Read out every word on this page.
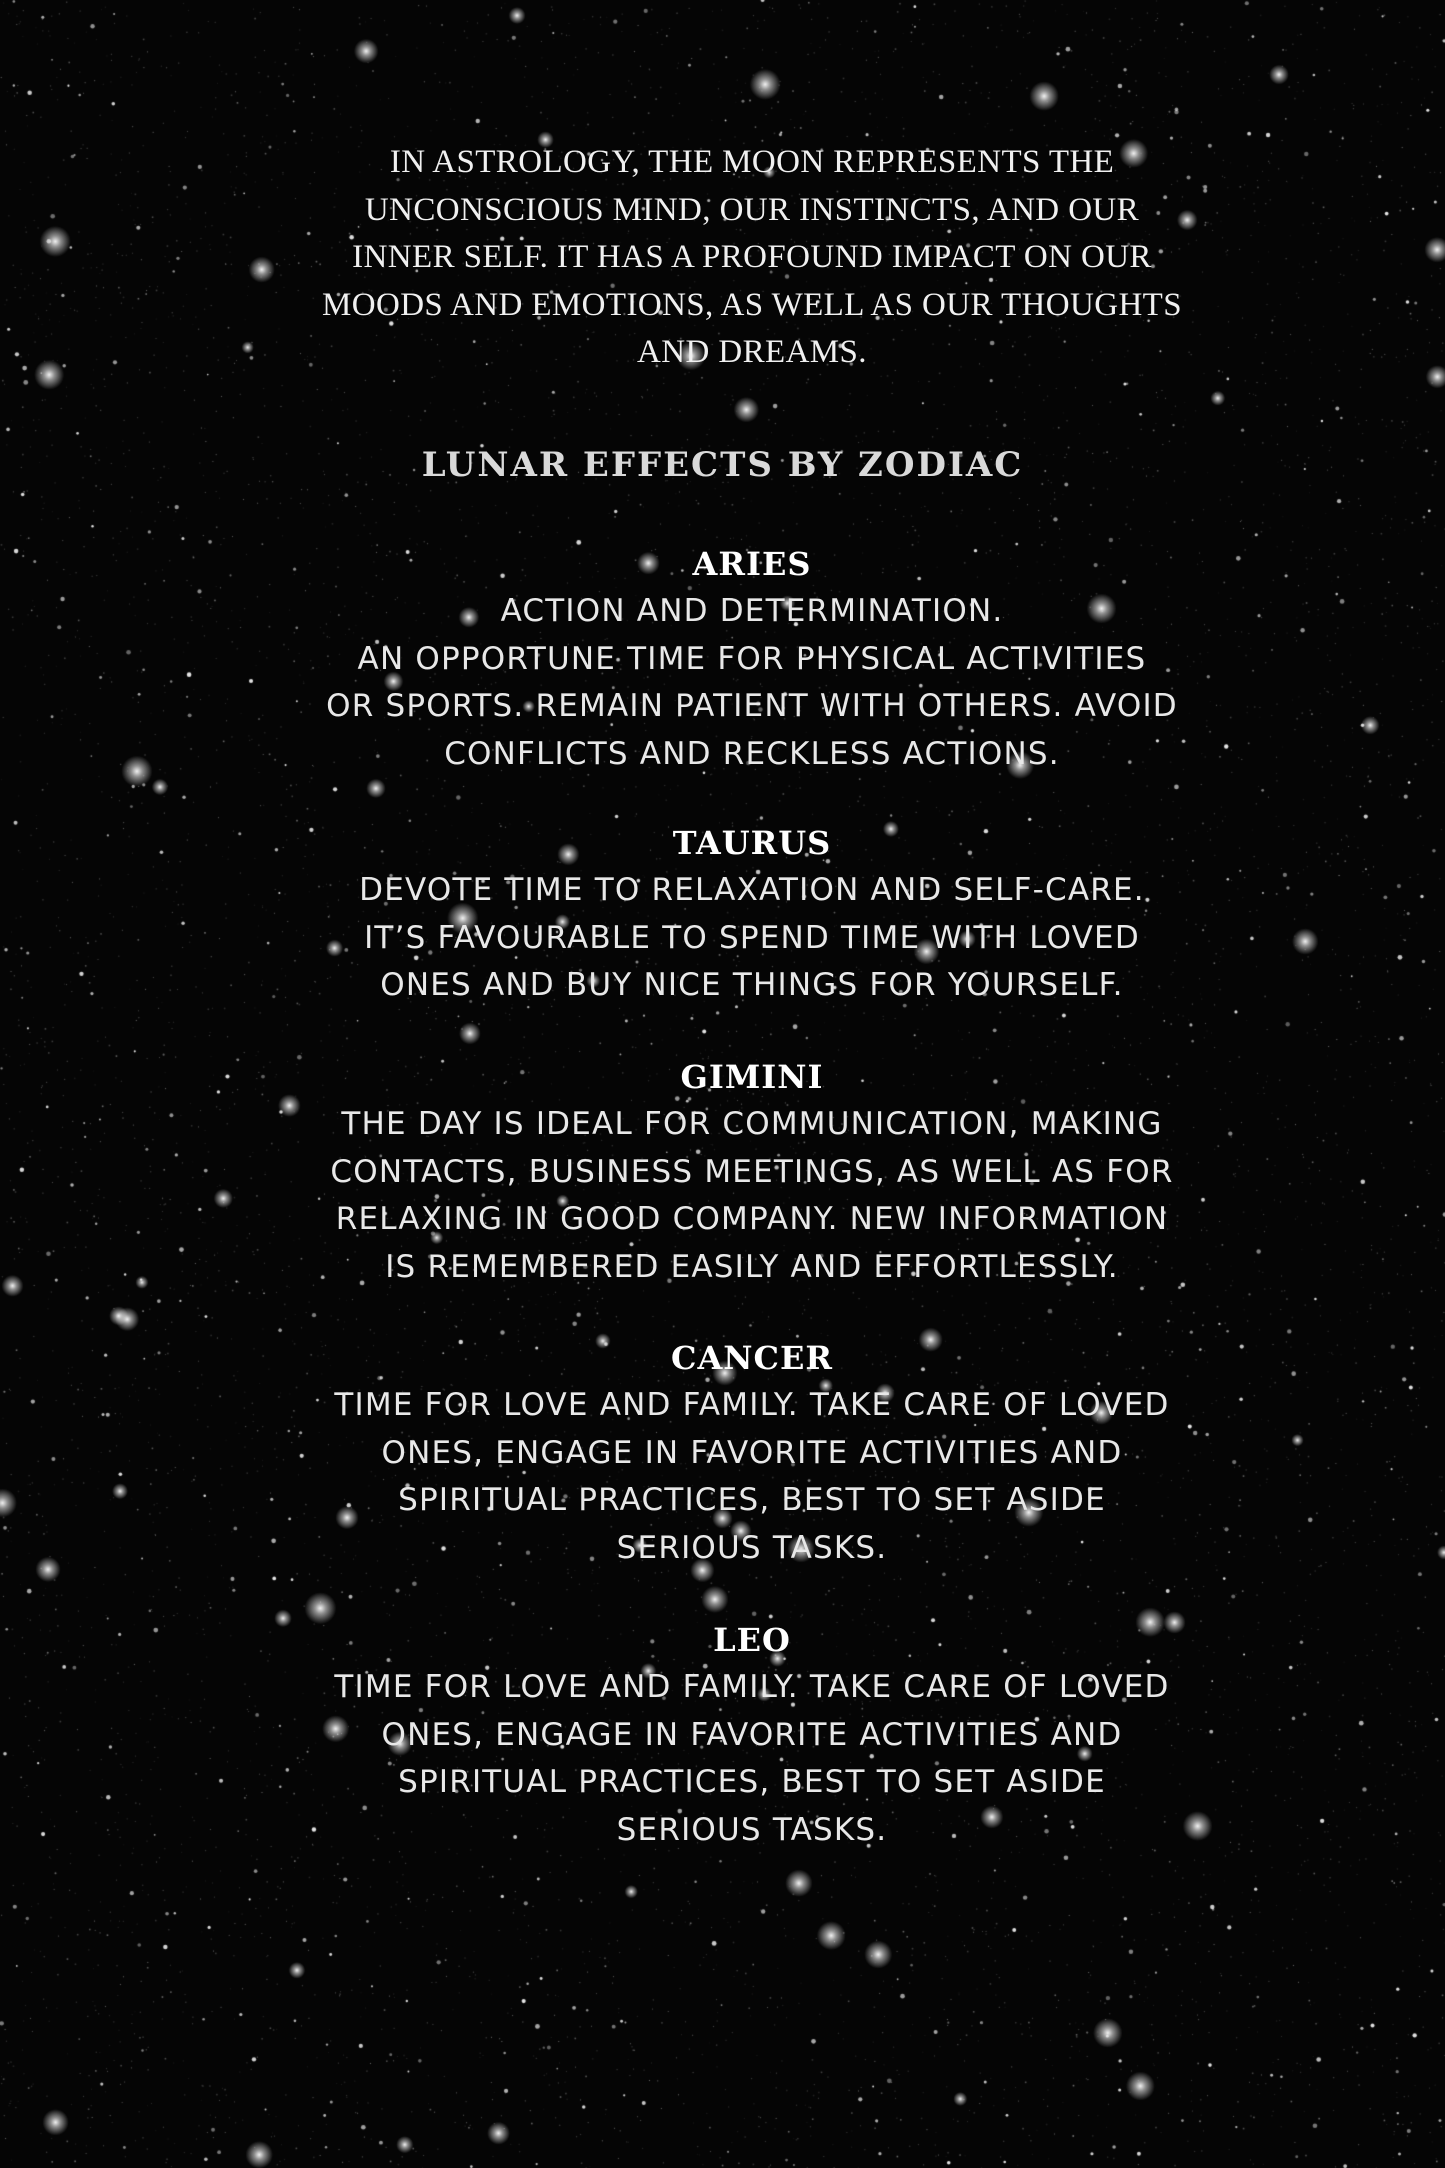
IN ASTROLOGY, THE MOON REPRESENTS THE
UNCONSCIOUS MIND, OUR INSTINCTS, AND OUR
INNER SELF. IT HAS A PROFOUND IMPACT ON OUR
MOODS AND EMOTIONS, AS WELL AS OUR THOUGHTS
AND DREAMS.

LUNAR EFFECTS BY ZODIAC
ARIES

ACTION AND DETERMINATION.
AN OPPORTUNE TIME FOR PHYSICAL ACTIVITIES
OR SPORTS. REMAIN PATIENT WITH OTHERS. AVOID
CONFLICTS AND RECKLESS ACTIONS.

TAURUS

DEVOTE TIME TO RELAXATION AND SELF-CARE.
IT’S FAVOURABLE TO SPEND TIME WITH LOVED
ONES AND BUY NICE THINGS FOR YOURSELF.

GIMINI

THE DAY IS IDEAL FOR COMMUNICATION, MAKING
CONTACTS, BUSINESS MEETINGS, AS WELL AS FOR
RELAXING IN GOOD COMPANY. NEW INFORMATION
IS REMEMBERED EASILY AND EFFORTLESSLY.

CANCER

TIME FOR LOVE AND FAMILY. TAKE CARE OF LOVED
ONES, ENGAGE IN FAVORITE ACTIVITIES AND
SPIRITUAL PRACTICES, BEST TO SET ASIDE
SERIOUS TASKS.

LEO

TIME FOR LOVE AND FAMILY. TAKE CARE OF LOVED
ONES, ENGAGE IN FAVORITE ACTIVITIES AND
SPIRITUAL PRACTICES, BEST TO SET ASIDE
SERIOUS TASKS.
